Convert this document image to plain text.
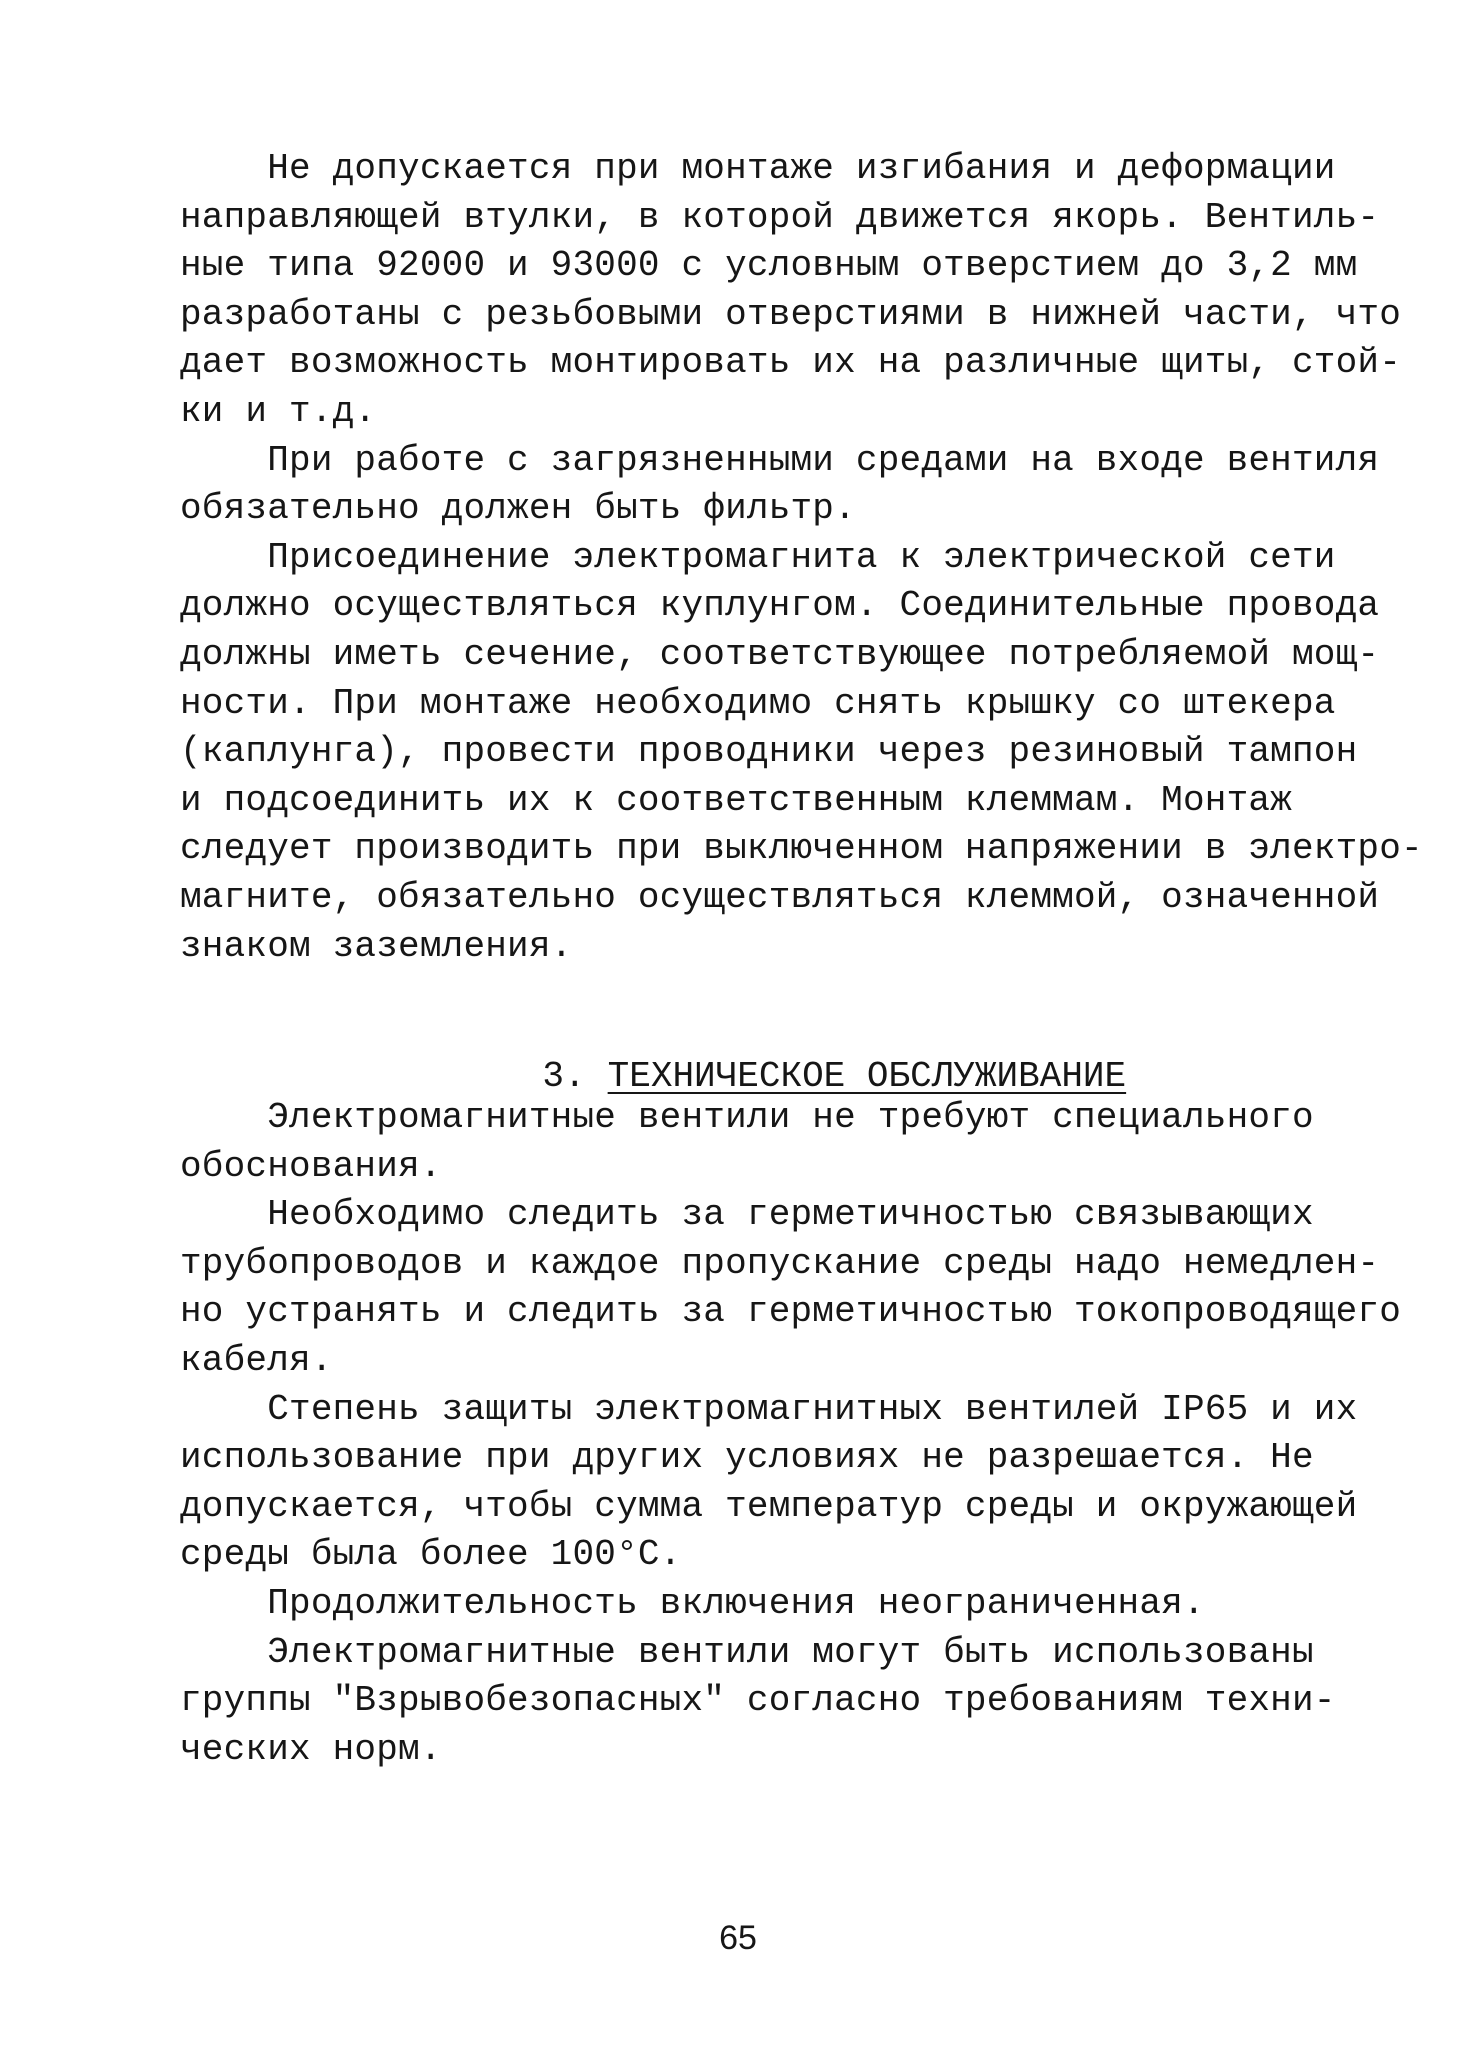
Не допускается при монтаже изгибания и деформации
направляющей втулки, в которой движется якорь. Вентиль-
ные типа 92000 и 93000 с условным отверстием до 3,2 мм
разработаны с резьбовыми отверстиями в нижней части, что
дает возможность монтировать их на различные щиты, стой-
ки и т.д.
При работе с загрязненными средами на входе вентиля
обязательно должен быть фильтр.
Присоединение электромагнита к электрической сети
должно осуществляться куплунгом. Соединительные провода
должны иметь сечение, соответствующее потребляемой мощ-
ности. При монтаже необходимо снять крышку со штекера
(каплунга), провести проводники через резиновый тампон
и подсоединить их к соответственным клеммам. Монтаж
следует производить при выключенном напряжении в электро-
магните, обязательно осуществляться клеммой, означенной
знаком заземления.

3. ТЕХНИЧЕСКОЕ ОБСЛУЖИВАНИЕ

Электромагнитные вентили не требуют специального
обоснования.
Необходимо следить за герметичностью связывающих
трубопроводов и каждое пропускание среды надо немедлен-
но устранять и следить за герметичностью токопроводящего
кабеля.
Степень защиты электромагнитных вентилей IP65 и их
использование при других условиях не разрешается. Не
допускается, чтобы сумма температур среды и окружающей
среды была более 100°С.
Продолжительность включения неограниченная.
Электромагнитные вентили могут быть использованы
группы "Взрывобезопасных" согласно требованиям техни-
ческих норм.
65
